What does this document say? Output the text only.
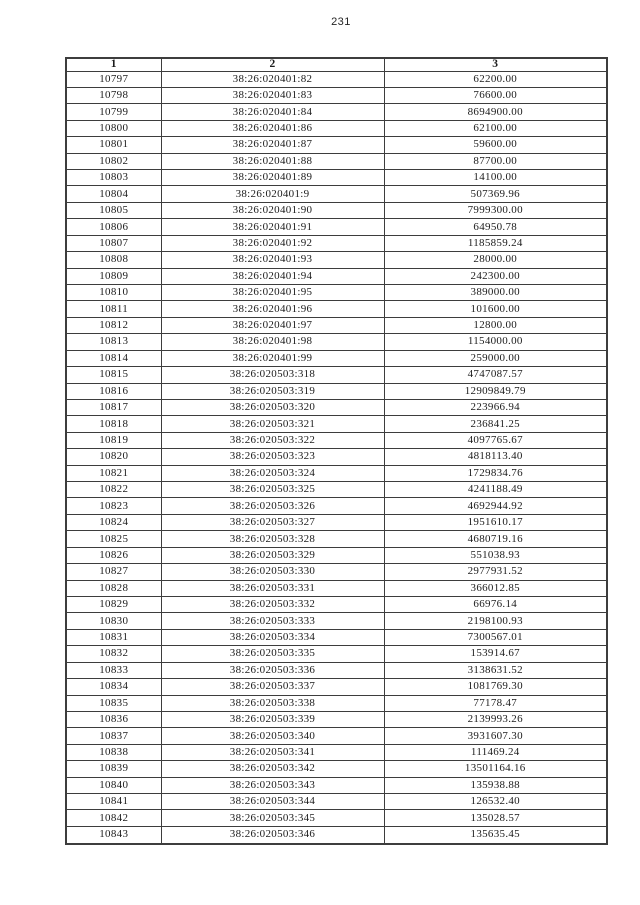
231
1	2	3
10797	38:26:020401:82	62200.00
10798	38:26:020401:83	76600.00
10799	38:26:020401:84	8694900.00
10800	38:26:020401:86	62100.00
10801	38:26:020401:87	59600.00
10802	38:26:020401:88	87700.00
10803	38:26:020401:89	14100.00
10804	38:26:020401:9	507369.96
10805	38:26:020401:90	7999300.00
10806	38:26:020401:91	64950.78
10807	38:26:020401:92	1185859.24
10808	38:26:020401:93	28000.00
10809	38:26:020401:94	242300.00
10810	38:26:020401:95	389000.00
10811	38:26:020401:96	101600.00
10812	38:26:020401:97	12800.00
10813	38:26:020401:98	1154000.00
10814	38:26:020401:99	259000.00
10815	38:26:020503:318	4747087.57
10816	38:26:020503:319	12909849.79
10817	38:26:020503:320	223966.94
10818	38:26:020503:321	236841.25
10819	38:26:020503:322	4097765.67
10820	38:26:020503:323	4818113.40
10821	38:26:020503:324	1729834.76
10822	38:26:020503:325	4241188.49
10823	38:26:020503:326	4692944.92
10824	38:26:020503:327	1951610.17
10825	38:26:020503:328	4680719.16
10826	38:26:020503:329	551038.93
10827	38:26:020503:330	2977931.52
10828	38:26:020503:331	366012.85
10829	38:26:020503:332	66976.14
10830	38:26:020503:333	2198100.93
10831	38:26:020503:334	7300567.01
10832	38:26:020503:335	153914.67
10833	38:26:020503:336	3138631.52
10834	38:26:020503:337	1081769.30
10835	38:26:020503:338	77178.47
10836	38:26:020503:339	2139993.26
10837	38:26:020503:340	3931607.30
10838	38:26:020503:341	111469.24
10839	38:26:020503:342	13501164.16
10840	38:26:020503:343	135938.88
10841	38:26:020503:344	126532.40
10842	38:26:020503:345	135028.57
10843	38:26:020503:346	135635.45
